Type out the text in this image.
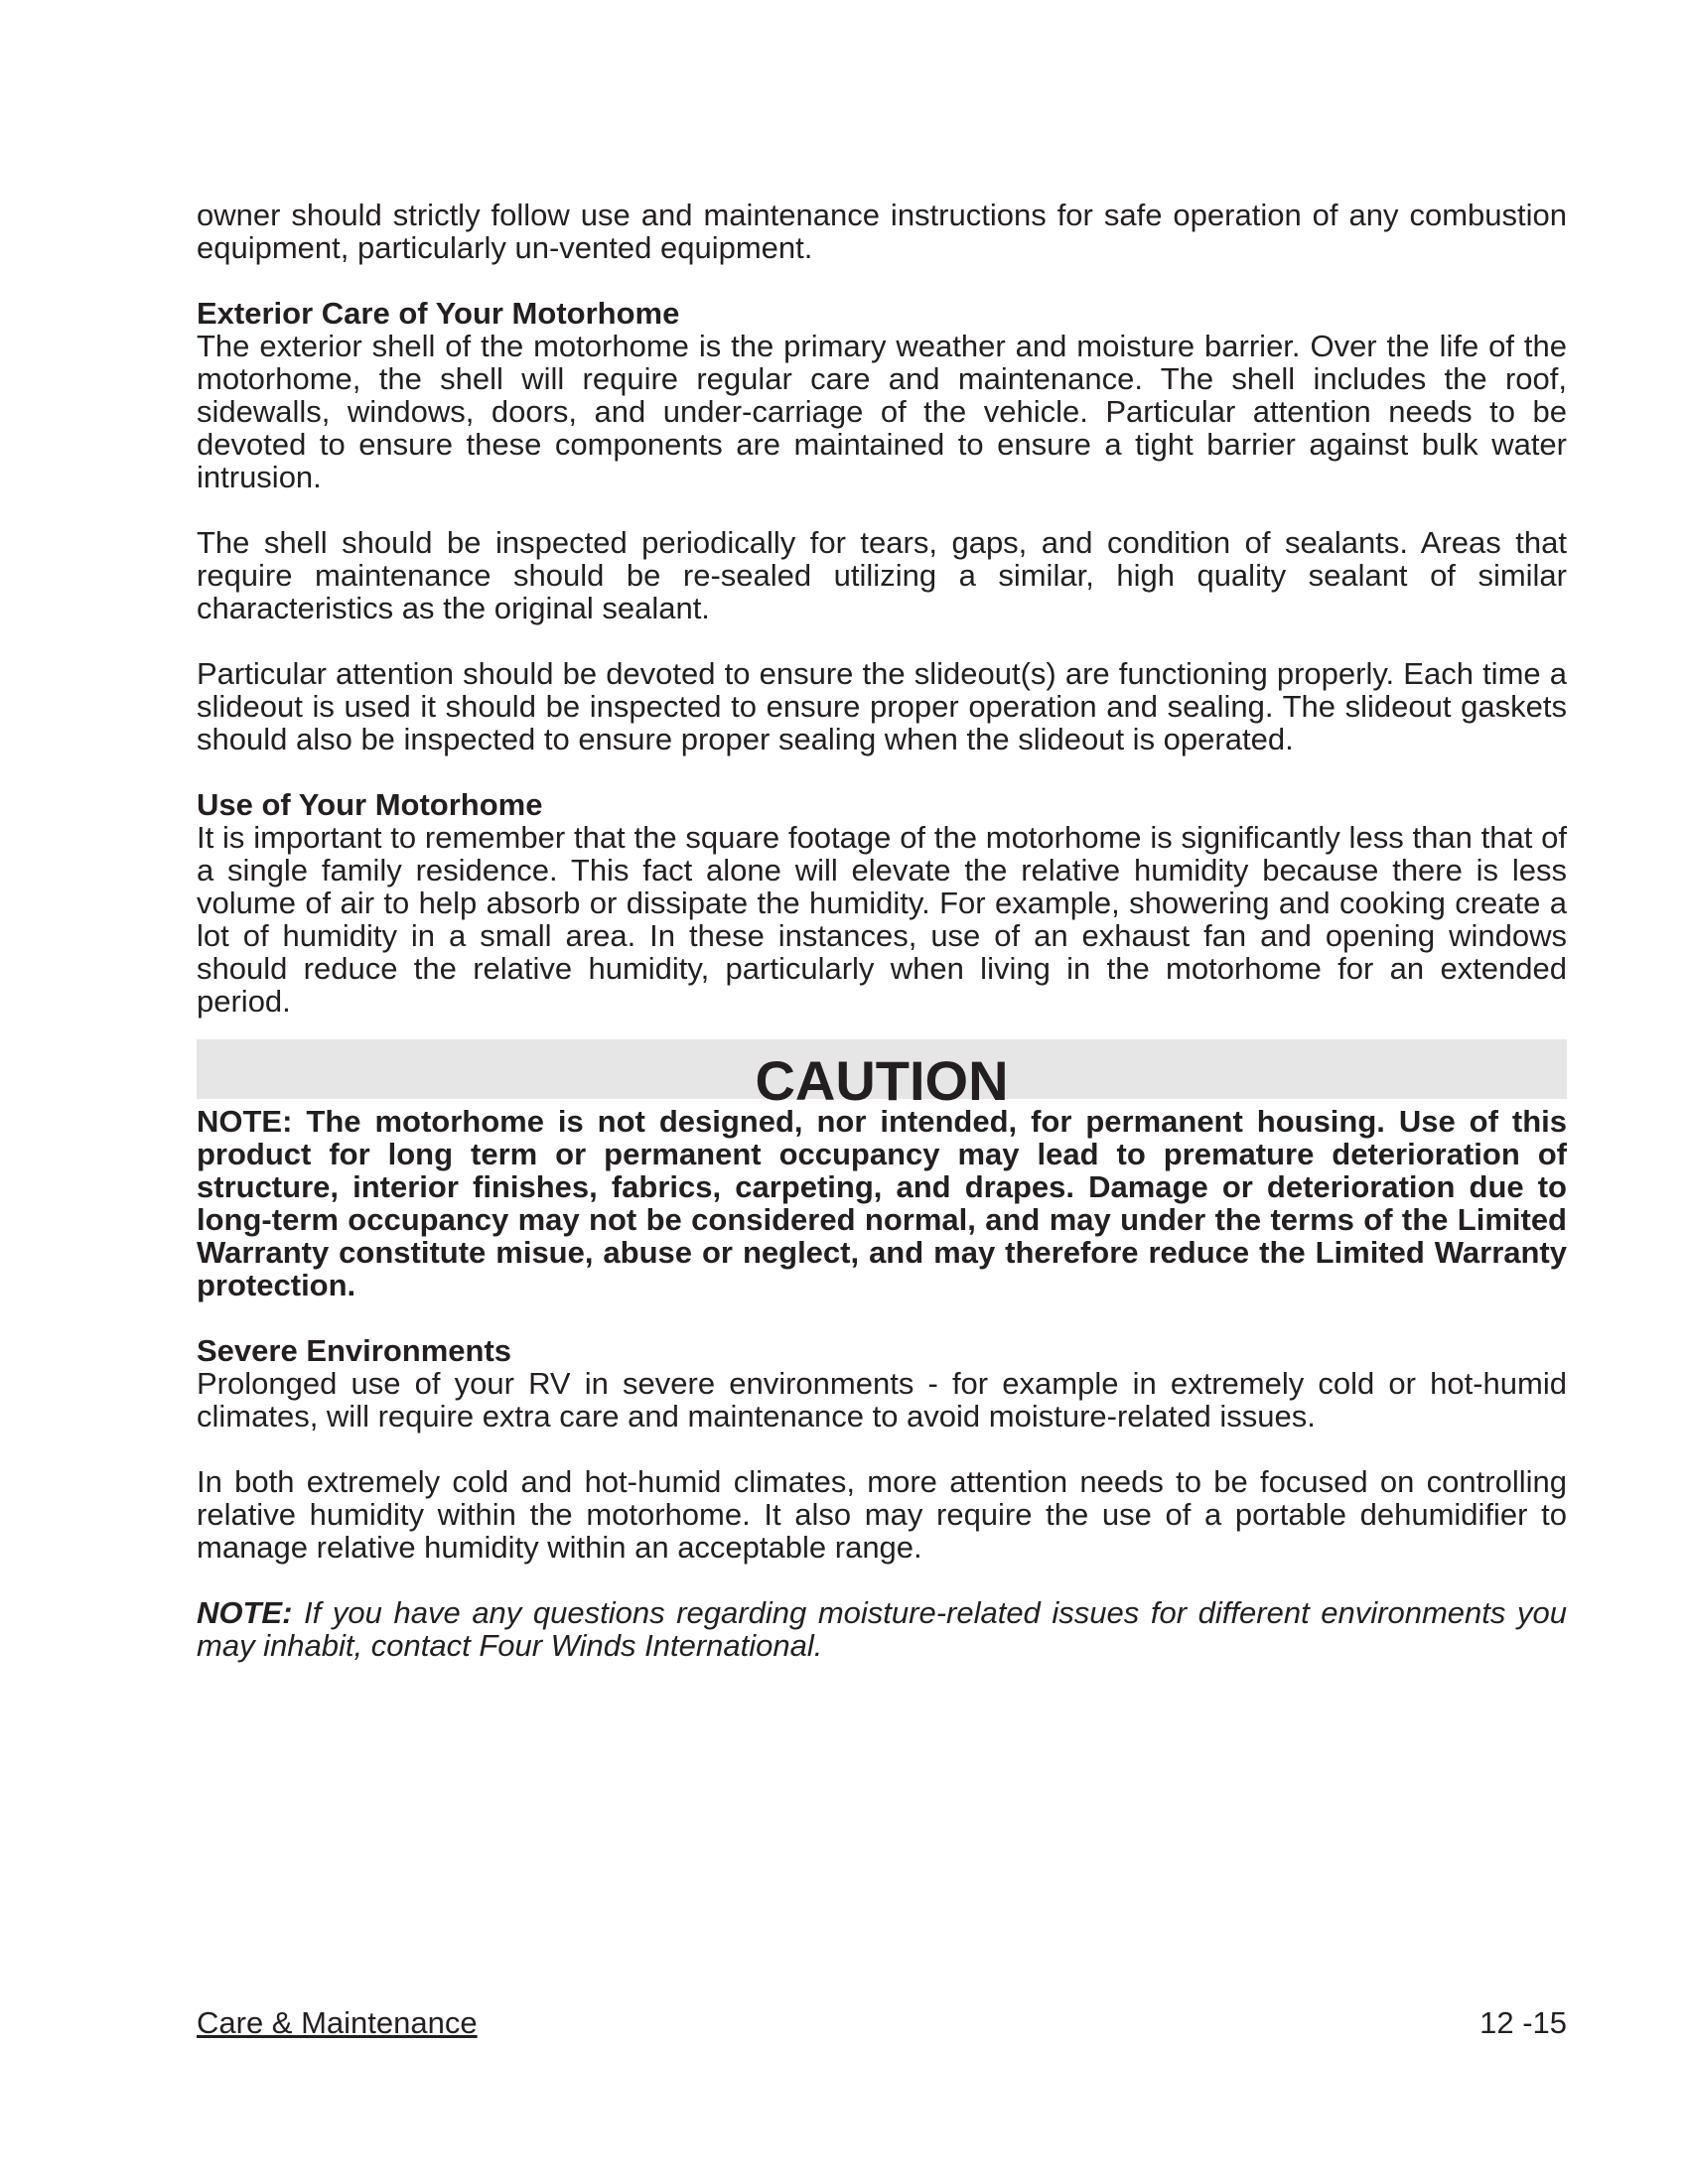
owner should strictly follow use and maintenance instructions for safe operation of any combustion equipment, particularly un-vented equipment.

Exterior Care of Your Motorhome

The exterior shell of the motorhome is the primary weather and moisture barrier. Over the life of the motorhome, the shell will require regular care and maintenance. The shell includes the roof, sidewalls, windows, doors, and under-carriage of the vehicle. Particular attention needs to be devoted to ensure these components are maintained to ensure a tight barrier against bulk water intrusion.

The shell should be inspected periodically for tears, gaps, and condition of sealants. Areas that require maintenance should be re-sealed utilizing a similar, high quality sealant of similar characteristics as the original sealant.

Particular attention should be devoted to ensure the slideout(s) are functioning properly. Each time a slideout is used it should be inspected to ensure proper operation and sealing. The slideout gaskets should also be inspected to ensure proper sealing when the slideout is operated.

Use of Your Motorhome

It is important to remember that the square footage of the motorhome is significantly less than that of a single family residence. This fact alone will elevate the relative humidity because there is less volume of air to help absorb or dissipate the humidity. For example, showering and cooking create a lot of humidity in a small area. In these instances, use of an exhaust fan and opening windows should reduce the relative humidity, particularly when living in the motorhome for an extended period.

CAUTION

NOTE: The motorhome is not designed, nor intended, for permanent housing. Use of this product for long term or permanent occupancy may lead to premature deterioration of structure, interior finishes, fabrics, carpeting, and drapes. Damage or deterioration due to long-term occupancy may not be considered normal, and may under the terms of the Limited Warranty constitute misue, abuse or neglect, and may therefore reduce the Limited Warranty protection.

Severe Environments

Prolonged use of your RV in severe environments - for example in extremely cold or hot-humid climates, will require extra care and maintenance to avoid moisture-related issues.

In both extremely cold and hot-humid climates, more attention needs to be focused on controlling relative humidity within the motorhome. It also may require the use of a portable dehumidifier to manage relative humidity within an acceptable range.

NOTE: If you have any questions regarding moisture-related issues for different environments you may inhabit, contact Four Winds International.

Care & Maintenance	12 -15
